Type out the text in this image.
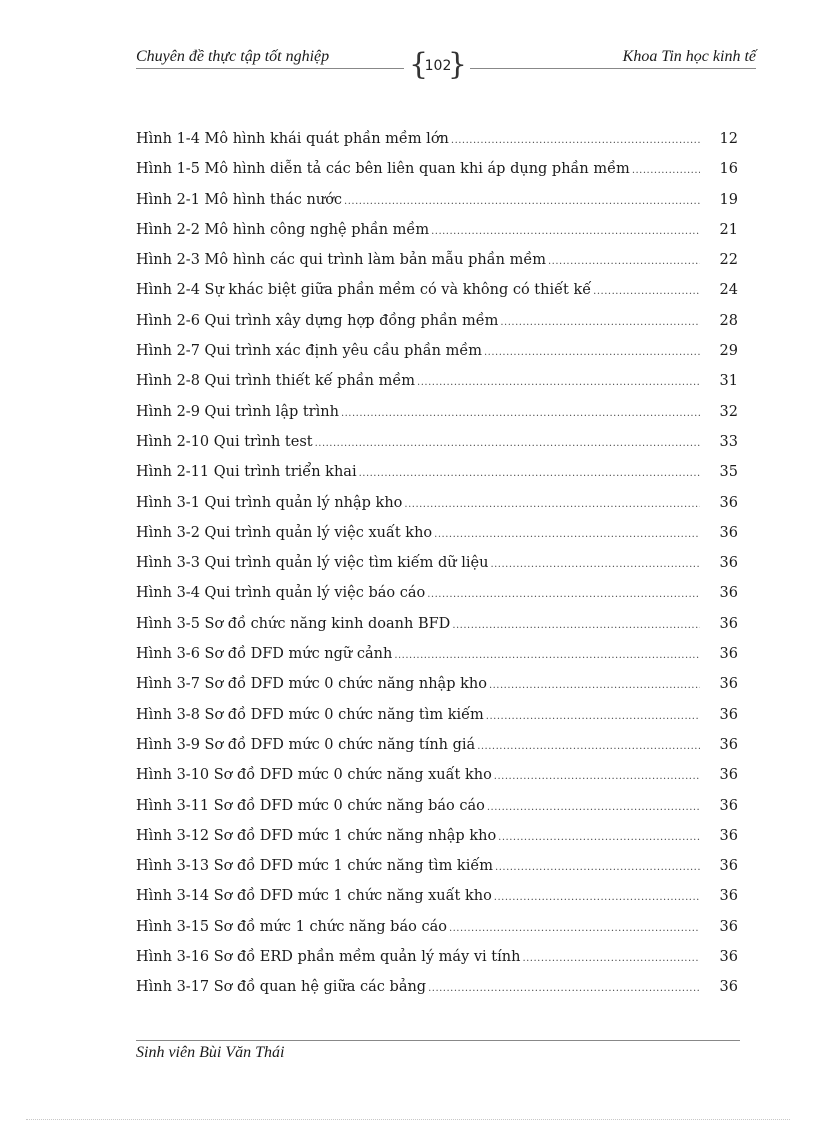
Chuyên đề thực tập tốt nghiệp	{
102
}	Khoa Tin học kinh tế
Hình 1-4 Mô hình khái quát phần mềm lớn .....	12
Hình 1-5 Mô hình diễn tả các bên liên quan khi áp dụng phần mềm .....	16
Hình 2-1 Mô hình thác nước .....	19
Hình 2-2 Mô hình công nghệ phần mềm .....	21
Hình 2-3 Mô hình các qui trình làm bản mẫu phần mềm .....	22
Hình 2-4 Sự khác biệt giữa phần mềm có và không có thiết kế .....	24
Hình 2-6 Qui trình xây dựng hợp đồng phần mềm .....	28
Hình 2-7 Qui trình xác định yêu cầu phần mềm .....	29
Hình 2-8 Qui trình thiết kế phần mềm .....	31
Hình 2-9 Qui trình lập trình .....	32
Hình 2-10 Qui trình test .....	33
Hình 2-11 Qui trình triển khai .....	35
Hình 3-1 Qui trình quản lý nhập kho .....	36
Hình 3-2 Qui trình quản lý việc xuất kho .....	36
Hình 3-3 Qui trình quản lý việc tìm kiếm dữ liệu .....	36
Hình 3-4 Qui trình quản lý việc báo cáo .....	36
Hình 3-5 Sơ đồ chức năng kinh doanh BFD .....	36
Hình 3-6 Sơ đồ DFD mức ngữ cảnh .....	36
Hình 3-7 Sơ đồ DFD mức 0 chức năng nhập kho .....	36
Hình 3-8 Sơ đồ DFD mức 0 chức năng tìm kiếm .....	36
Hình 3-9 Sơ đồ DFD mức 0 chức năng tính giá .....	36
Hình 3-10 Sơ đồ DFD mức 0 chức năng xuất kho .....	36
Hình 3-11 Sơ đồ DFD mức 0 chức năng báo cáo .....	36
Hình 3-12 Sơ đồ DFD mức 1 chức năng nhập kho .....	36
Hình 3-13 Sơ đồ DFD mức 1 chức năng tìm kiếm .....	36
Hình 3-14 Sơ đồ DFD mức 1 chức năng xuất kho .....	36
Hình 3-15 Sơ đồ mức 1 chức năng báo cáo .....	36
Hình 3-16 Sơ đồ ERD phần mềm quản lý máy vi tính .....	36
Hình 3-17 Sơ đồ quan hệ giữa các bảng .....	36
Sinh viên Bùi Văn Thái
